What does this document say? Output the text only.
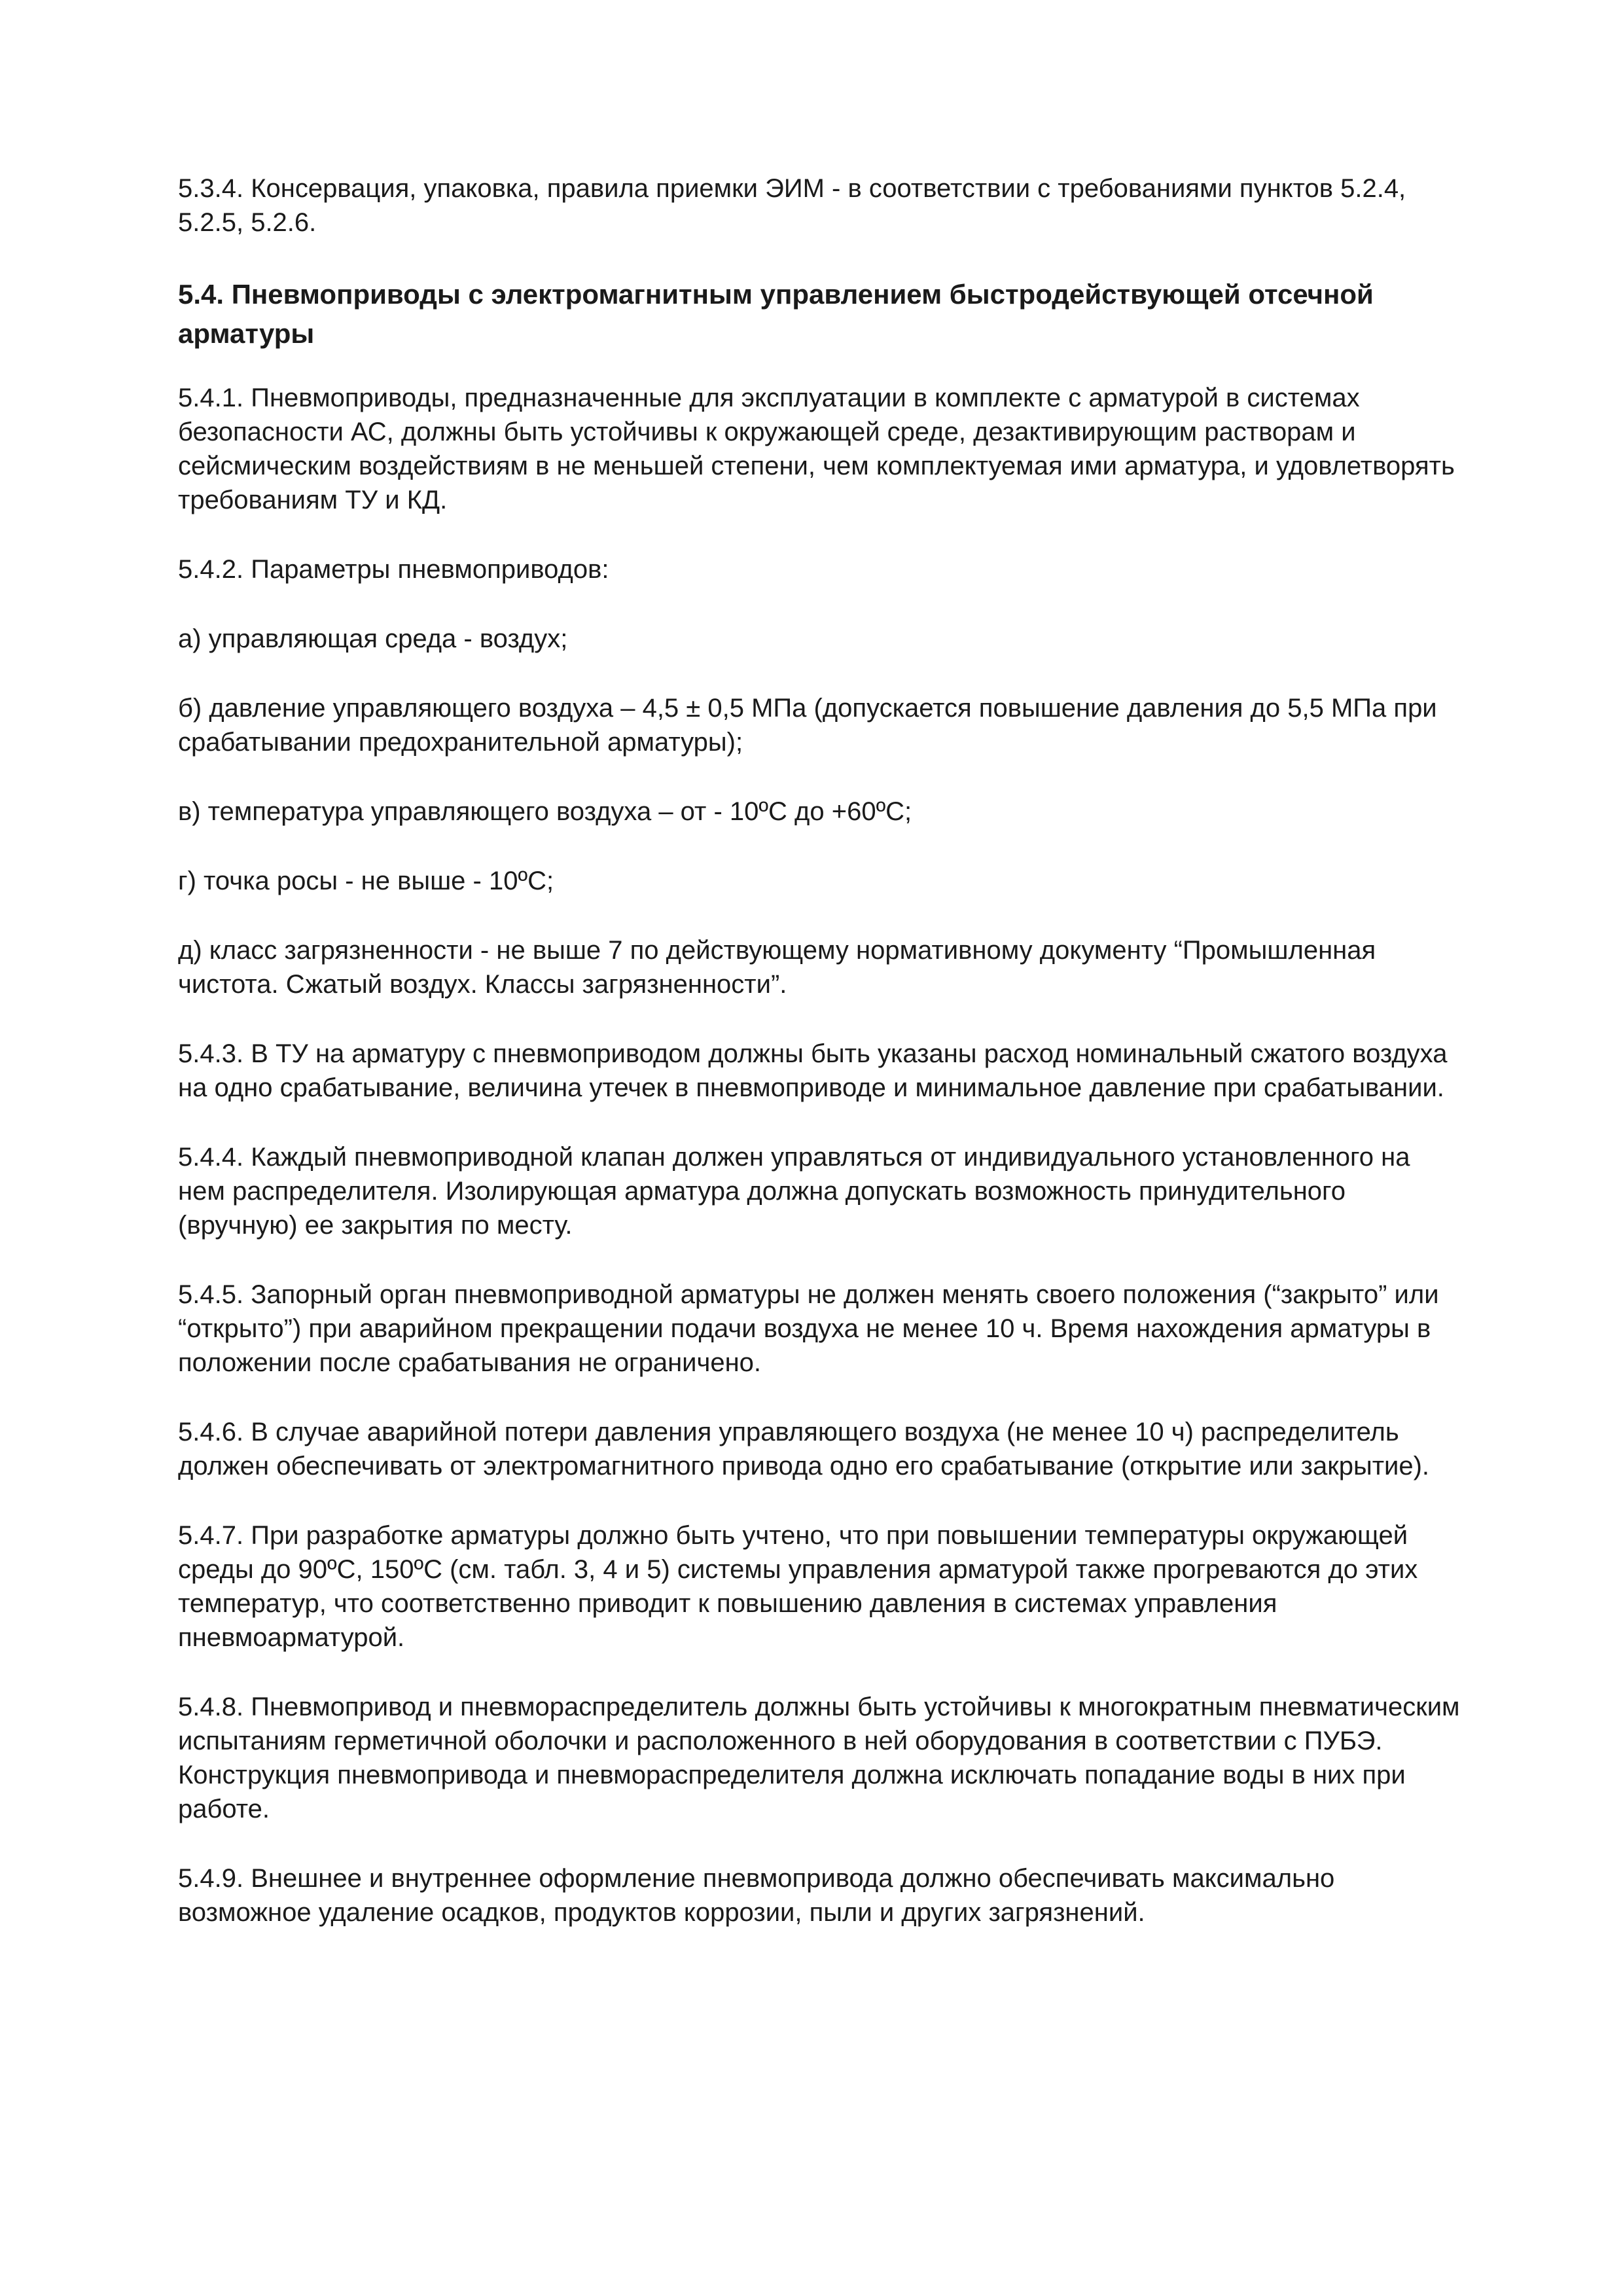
5.3.4. Консервация, упаковка, правила приемки ЭИМ - в соответствии с требованиями пунктов 5.2.4, 5.2.5, 5.2.6.

5.4. Пневмоприводы с электромагнитным управлением быстродействующей отсечной арматуры

5.4.1. Пневмоприводы, предназначенные для эксплуатации в комплекте с арматурой в системах безопасности АС, должны быть устойчивы к окружающей среде, дезактивирующим растворам и сейсмическим воздействиям в не меньшей степени, чем комплектуемая ими арматура, и удовлетворять требованиям ТУ и КД.

5.4.2. Параметры пневмоприводов:

а) управляющая среда - воздух;

б) давление управляющего воздуха – 4,5 ± 0,5 МПа (допускается повышение давления до 5,5 МПа при срабатывании предохранительной арматуры);

в) температура управляющего воздуха – от - 10ºС до +60ºС;

г) точка росы - не выше - 10ºС;

д) класс загрязненности - не выше 7 по действующему нормативному документу “Промышленная чистота. Сжатый воздух. Классы загрязненности”.

5.4.3. В ТУ на арматуру с пневмоприводом должны быть указаны расход номинальный сжатого воздуха на одно срабатывание, величина утечек в пневмоприводе и минимальное давление при срабатывании.

5.4.4. Каждый пневмоприводной клапан должен управляться от индивидуального установленного на нем распределителя. Изолирующая арматура должна допускать возможность принудительного (вручную) ее закрытия по месту.

5.4.5. Запорный орган пневмоприводной арматуры не должен менять своего положения (“закрыто” или “открыто”) при аварийном прекращении подачи воздуха не менее 10 ч. Время нахождения арматуры в положении после срабатывания не ограничено.

5.4.6. В случае аварийной потери давления управляющего воздуха (не менее 10 ч) распределитель должен обеспечивать от электромагнитного привода одно его срабатывание (открытие или закрытие).

5.4.7. При разработке арматуры должно быть учтено, что при повышении температуры окружающей среды до 90ºС, 150ºС (см. табл. 3, 4 и 5) системы управления арматурой также прогреваются до этих температур, что соответственно приводит к повышению давления в системах управления пневмоарматурой.

5.4.8. Пневмопривод и пневмораспределитель должны быть устойчивы к многократным пневматическим испытаниям герметичной оболочки и расположенного в ней оборудования в соответствии с ПУБЭ. Конструкция пневмопривода и пневмораспределителя должна исключать попадание воды в них при работе.

5.4.9. Внешнее и внутреннее оформление пневмопривода должно обеспечивать максимально возможное удаление осадков, продуктов коррозии, пыли и других загрязнений.
